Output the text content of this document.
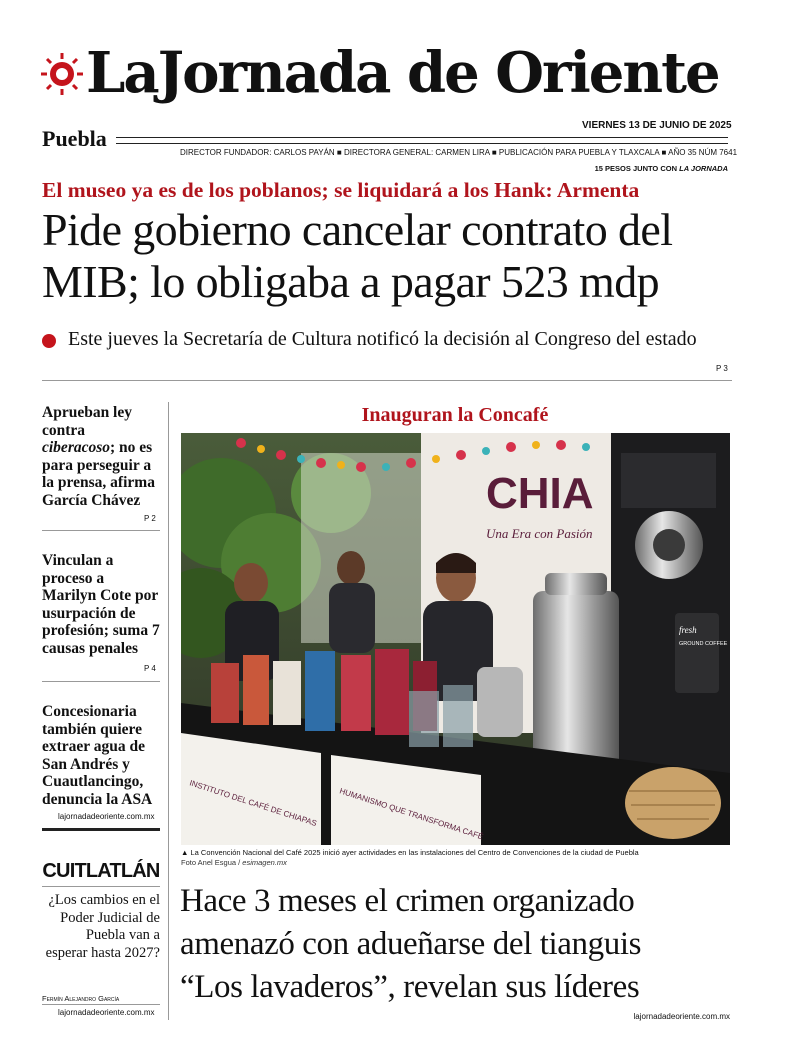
LaJornada de Oriente
Puebla
VIERNES 13 DE JUNIO DE 2025
DIRECTOR FUNDADOR: CARLOS PAYÁN ■ DIRECTORA GENERAL: CARMEN LIRA ■ PUBLICACIÓN PARA PUEBLA Y TLAXCALA ■ AÑO 35 NÚM 7641
15 PESOS JUNTO CON LA JORNADA
El museo ya es de los poblanos; se liquidará a los Hank: Armenta
Pide gobierno cancelar contrato del
MIB; lo obligaba a pagar 523 mdp
Este jueves la Secretaría de Cultura notificó la decisión al Congreso del estado
P 3
Aprueban ley contra ciberacoso; no es para perseguir a la prensa, afirma García Chávez
P 2
Vinculan a proceso a Marilyn Cote por usurpación de profesión; suma 7 causas penales
P 4
Concesionaria también quiere extraer agua de San Andrés y Cuautlancingo, denuncia la ASA
lajornadadeoriente.com.mx
CUITLATLÁN
¿Los cambios en el Poder Judicial de Puebla van a esperar hasta 2027?
Fermín Alejandro García
lajornadadeoriente.com.mx
Inauguran la Concafé
CHIA
Una Era con Pasión
fresh
GROUND COFFEE
INSTITUTO DEL CAFÉ DE CHIAPAS	HUMANISMO QUE TRANSFORMA CAFÉ
▲ La Convención Nacional del Café 2025 inició ayer actividades en las instalaciones del Centro de Convenciones de la ciudad de Puebla
Foto Anel Esgua / esimagen.mx
Hace 3 meses el crimen organizado
amenazó con adueñarse del tianguis
“Los lavaderos”, revelan sus líderes
lajornadadeoriente.com.mx
